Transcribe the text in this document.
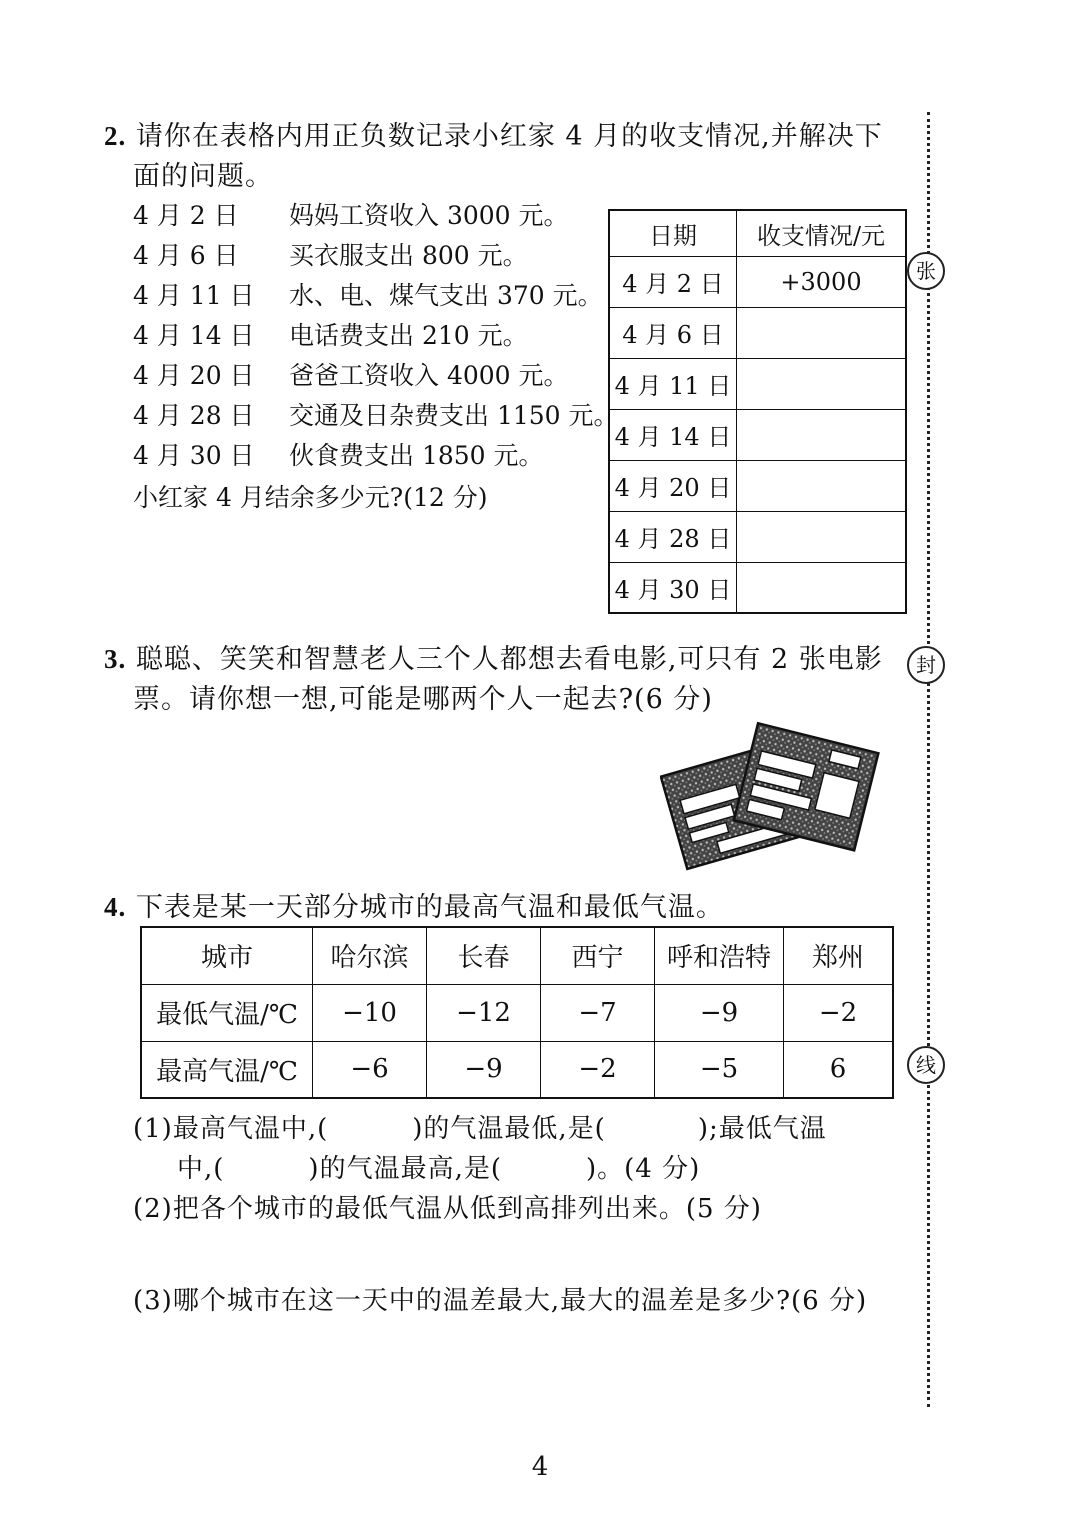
张
封
线
2. 请你在表格内用正负数记录小红家 4 月的收支情况,并解决下
面的问题。
4 月 2 日 妈妈工资收入 3000 元。
4 月 6 日 买衣服支出 800 元。
4 月 11 日 水、电、煤气支出 370 元。
4 月 14 日 电话费支出 210 元。
4 月 20 日 爸爸工资收入 4000 元。
4 月 28 日 交通及日杂费支出 1150 元。
4 月 30 日 伙食费支出 1850 元。
小红家 4 月结余多少元?(12 分)
日期	收支情况/元
4 月 2 日	+3000
4 月 6 日	
4 月 11 日	
4 月 14 日	
4 月 20 日	
4 月 28 日	
4 月 30 日	
3. 聪聪、笑笑和智慧老人三个人都想去看电影,可只有 2 张电影
票。请你想一想,可能是哪两个人一起去?(6 分)
4. 下表是某一天部分城市的最高气温和最低气温。
城市	哈尔滨	长春	西宁	呼和浩特	郑州
最低气温/℃	−10	−12	−7	−9	−2
最高气温/℃	−6	−9	−2	−5	6
(1)最高气温中,(	)的气温最低,是(	);最低气温
中,(	)的气温最高,是(	)。(4 分)
(2)把各个城市的最低气温从低到高排列出来。(5 分)
(3)哪个城市在这一天中的温差最大,最大的温差是多少?(6 分)
4
